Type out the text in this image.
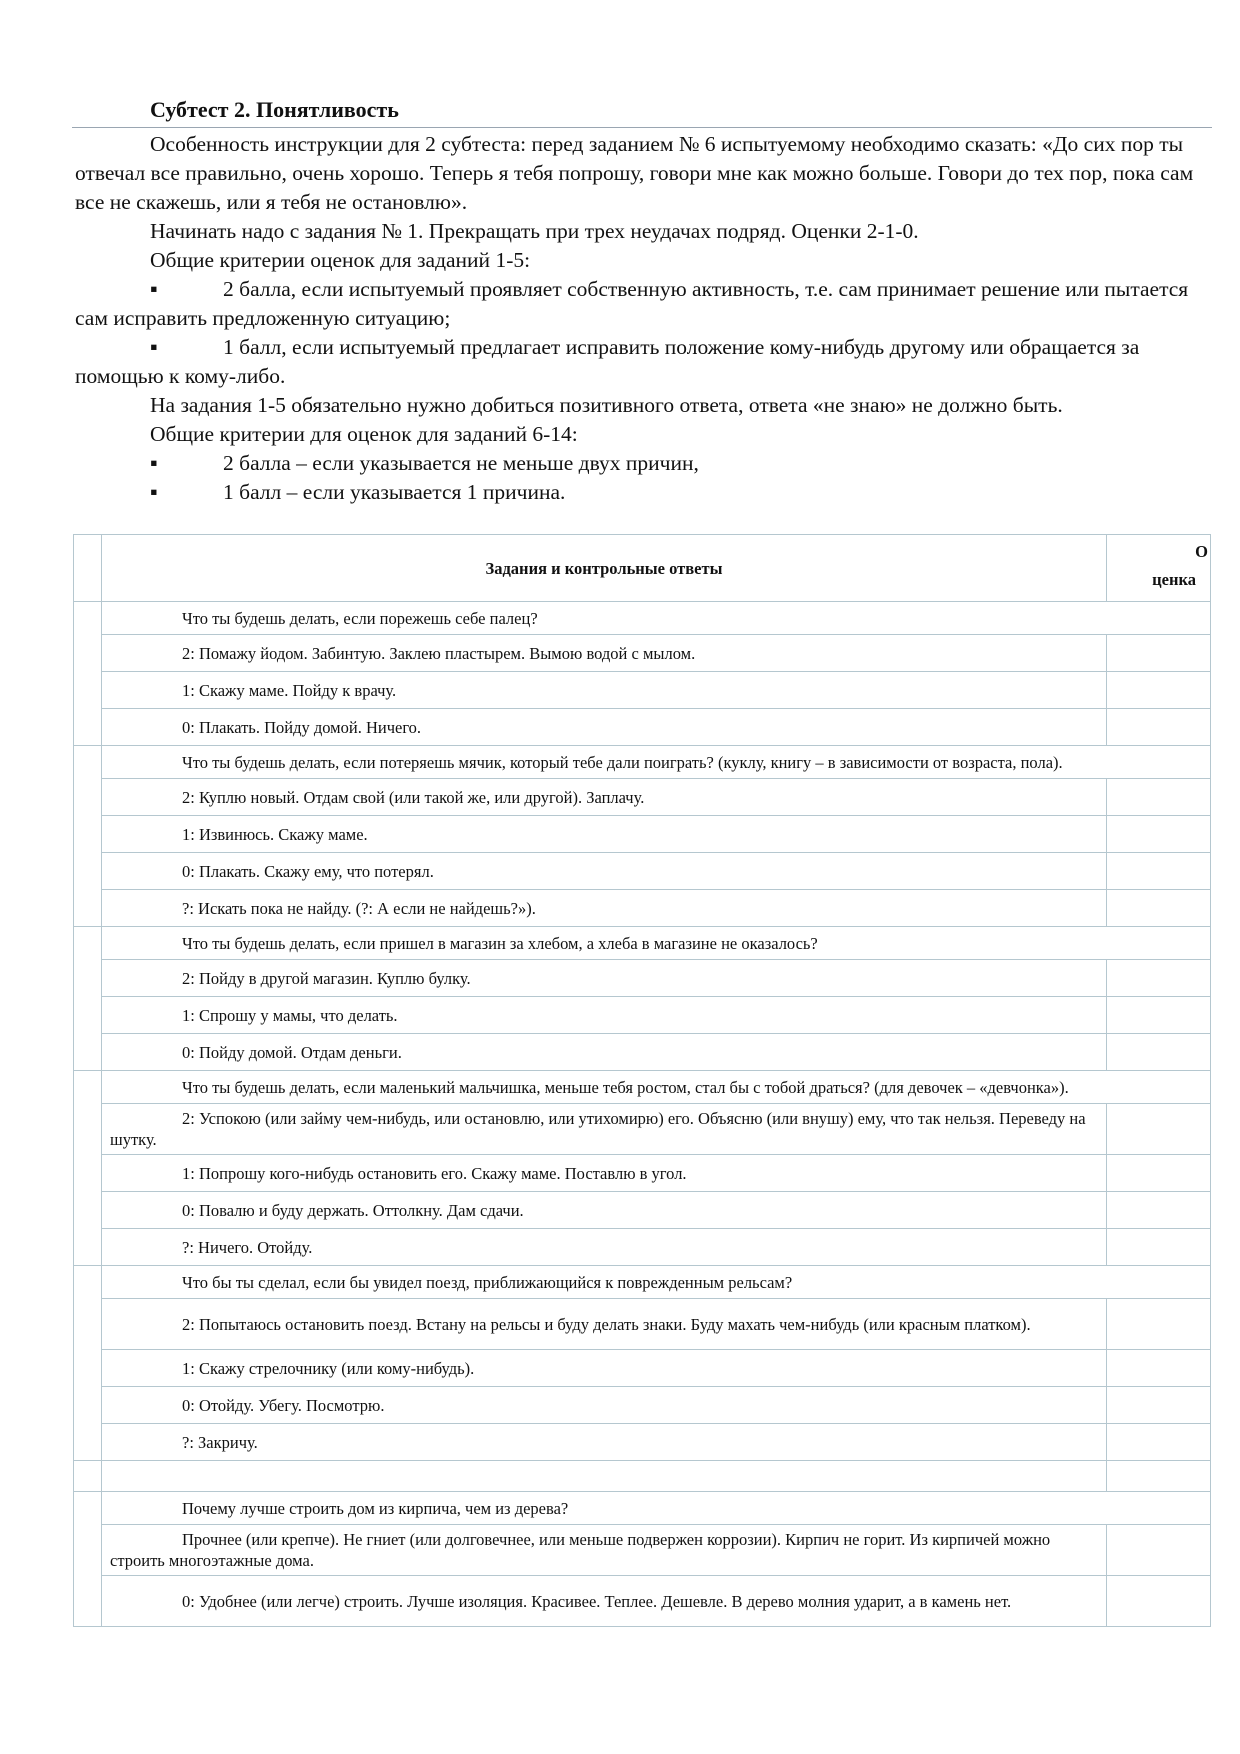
Субтест 2. Понятливость

Особенность инструкции для 2 субтеста: перед заданием № 6 испытуемому необходимо сказать: «До сих пор ты отвечал все правильно, очень хорошо. Теперь я тебя попрошу, говори мне как можно больше. Говори до тех пор, пока сам все не скажешь, или я тебя не остановлю».

Начинать надо с задания № 1. Прекращать при трех неудачах подряд. Оценки 2-1-0.

Общие критерии оценок для заданий 1-5:

▪	2 балла, если испытуемый проявляет собственную активность, т.е. сам принимает решение или пытается сам исправить предложенную ситуацию;

▪	1 балл, если испытуемый предлагает исправить положение кому-нибудь другому или обращается за помощью к кому-либо.

На задания 1-5 обязательно нужно добиться позитивного ответа, ответа «не знаю» не должно быть.

Общие критерии для оценок для заданий 6-14:

▪	2 балла – если указывается не меньше двух причин,

▪	1 балл – если указывается 1 причина.

	Задания и контрольные ответы	О
ценка

	Что ты будешь делать, если порежешь себе палец?	

	2: Помажу йодом. Забинтую. Заклею пластырем. Вымою водой с мылом.	

	1: Скажу маме. Пойду к врачу.	

	0: Плакать. Пойду домой. Ничего.	

	Что ты будешь делать, если потеряешь мячик, который тебе дали поиграть? (куклу, книгу – в зависимости от возраста, пола).	

	2: Куплю новый. Отдам свой (или такой же, или другой). Заплачу.	

	1: Извинюсь. Скажу маме.	

	0: Плакать. Скажу ему, что потерял.	

	?: Искать пока не найду. (?: А если не найдешь?»).	

	Что ты будешь делать, если пришел в магазин за хлебом, а хлеба в магазине не оказалось?	

	2: Пойду в другой магазин. Куплю булку.	

	1: Спрошу у мамы, что делать.	

	0: Пойду домой. Отдам деньги.	

	Что ты будешь делать, если маленький мальчишка, меньше тебя ростом, стал бы с тобой драться? (для девочек – «девчонка»).	

	2: Успокою (или займу чем-нибудь, или остановлю, или утихомирю) его. Объясню (или внушу) ему, что так нельзя. Переведу на шутку.	

	1: Попрошу кого-нибудь остановить его. Скажу маме. Поставлю в угол.	

	0: Повалю и буду держать. Оттолкну. Дам сдачи.	

	?: Ничего. Отойду.	

	Что бы ты сделал, если бы увидел поезд, приближающийся к поврежденным рельсам?	

	2: Попытаюсь остановить поезд. Встану на рельсы и буду делать знаки. Буду махать чем-нибудь (или красным платком).	

	1: Скажу стрелочнику (или кому-нибудь).	

	0: Отойду. Убегу. Посмотрю.	

	?: Закричу.	

	Почему лучше строить дом из кирпича, чем из дерева?	

	Прочнее (или крепче). Не гниет (или долговечнее, или меньше подвержен коррозии). Кирпич не горит. Из кирпичей можно строить многоэтажные дома.	

	0: Удобнее (или легче) строить. Лучше изоляция. Красивее. Теплее. Дешевле. В дерево молния ударит, а в камень нет.	
